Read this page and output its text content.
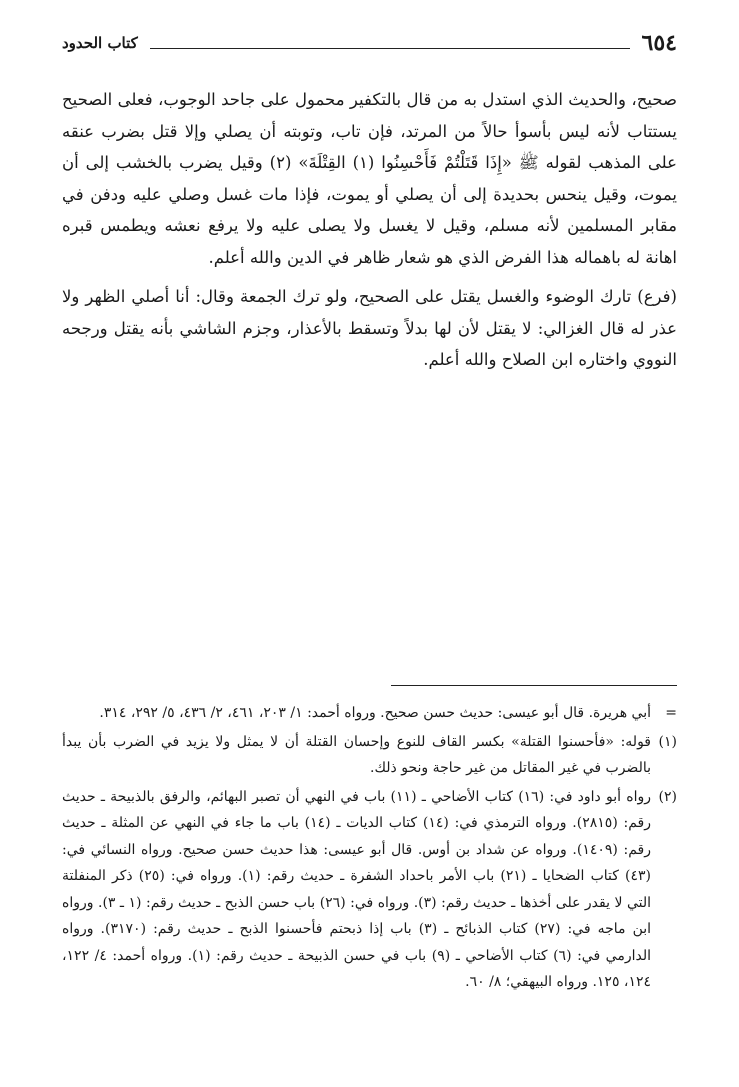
٦٥٤
كتاب الحدود

صحيح، والحديث الذي استدل به من قال بالتكفير محمول على جاحد الوجوب، فعلى الصحيح يستتاب لأنه ليس بأسوأ حالاً من المرتد، فإن تاب، وتوبته أن يصلي وإلا قتل بضرب عنقه على المذهب لقوله ﷺ «إِذَا قَتَلْتُمْ فَأَحْسِنُوا (١) القِتْلَةَ» (٢) وقيل يضرب بالخشب إلى أن يموت، وقيل ينحس بحديدة إلى أن يصلي أو يموت، فإذا مات غسل وصلي عليه ودفن في مقابر المسلمين لأنه مسلم، وقيل لا يغسل ولا يصلى عليه ولا يرفع نعشه ويطمس قبره اهانة له باهماله هذا الفرض الذي هو شعار ظاهر في الدين والله أعلم.

(فرع) تارك الوضوء والغسل يقتل على الصحيح، ولو ترك الجمعة وقال: أنا أصلي الظهر ولا عذر له قال الغزالي: لا يقتل لأن لها بدلاً وتسقط بالأعذار، وجزم الشاشي بأنه يقتل ورجحه النووي واختاره ابن الصلاح والله أعلم.

=
أبي هريرة. قال أبو عيسى: حديث حسن صحيح. ورواه أحمد: ١/ ٢٠٣، ٤٦١، ٢/ ٤٣٦، ٥/ ٢٩٢، ٣١٤.
(١)
قوله: «فأحسنوا القتلة» بكسر القاف للنوع وإحسان القتلة أن لا يمثل ولا يزيد في الضرب بأن يبدأ بالضرب في غير المقاتل من غير حاجة ونحو ذلك.
(٢)
رواه أبو داود في: (١٦) كتاب الأضاحي ـ (١١) باب في النهي أن تصبر البهائم، والرفق بالذبيحة ـ حديث رقم: (٢٨١٥). ورواه الترمذي في: (١٤) كتاب الديات ـ (١٤) باب ما جاء في النهي عن المثلة ـ حديث رقم: (١٤٠٩). ورواه عن شداد بن أوس. قال أبو عيسى: هذا حديث حسن صحيح. ورواه النسائي في: (٤٣) كتاب الضحايا ـ (٢١) باب الأمر باحداد الشفرة ـ حديث رقم: (١). ورواه في: (٢٥) ذكر المنفلتة التي لا يقدر على أخذها ـ حديث رقم: (٣). ورواه في: (٢٦) باب حسن الذبح ـ حديث رقم: (١ ـ ٣). ورواه ابن ماجه في: (٢٧) كتاب الذبائح ـ (٣) باب إذا ذبحتم فأحسنوا الذبح ـ حديث رقم: (٣١٧٠). ورواه الدارمي في: (٦) كتاب الأضاحي ـ (٩) باب في حسن الذبيحة ـ حديث رقم: (١). ورواه أحمد: ٤/ ١٢٢، ١٢٤، ١٢٥. ورواه البيهقي؛ ٨/ ٦٠.
